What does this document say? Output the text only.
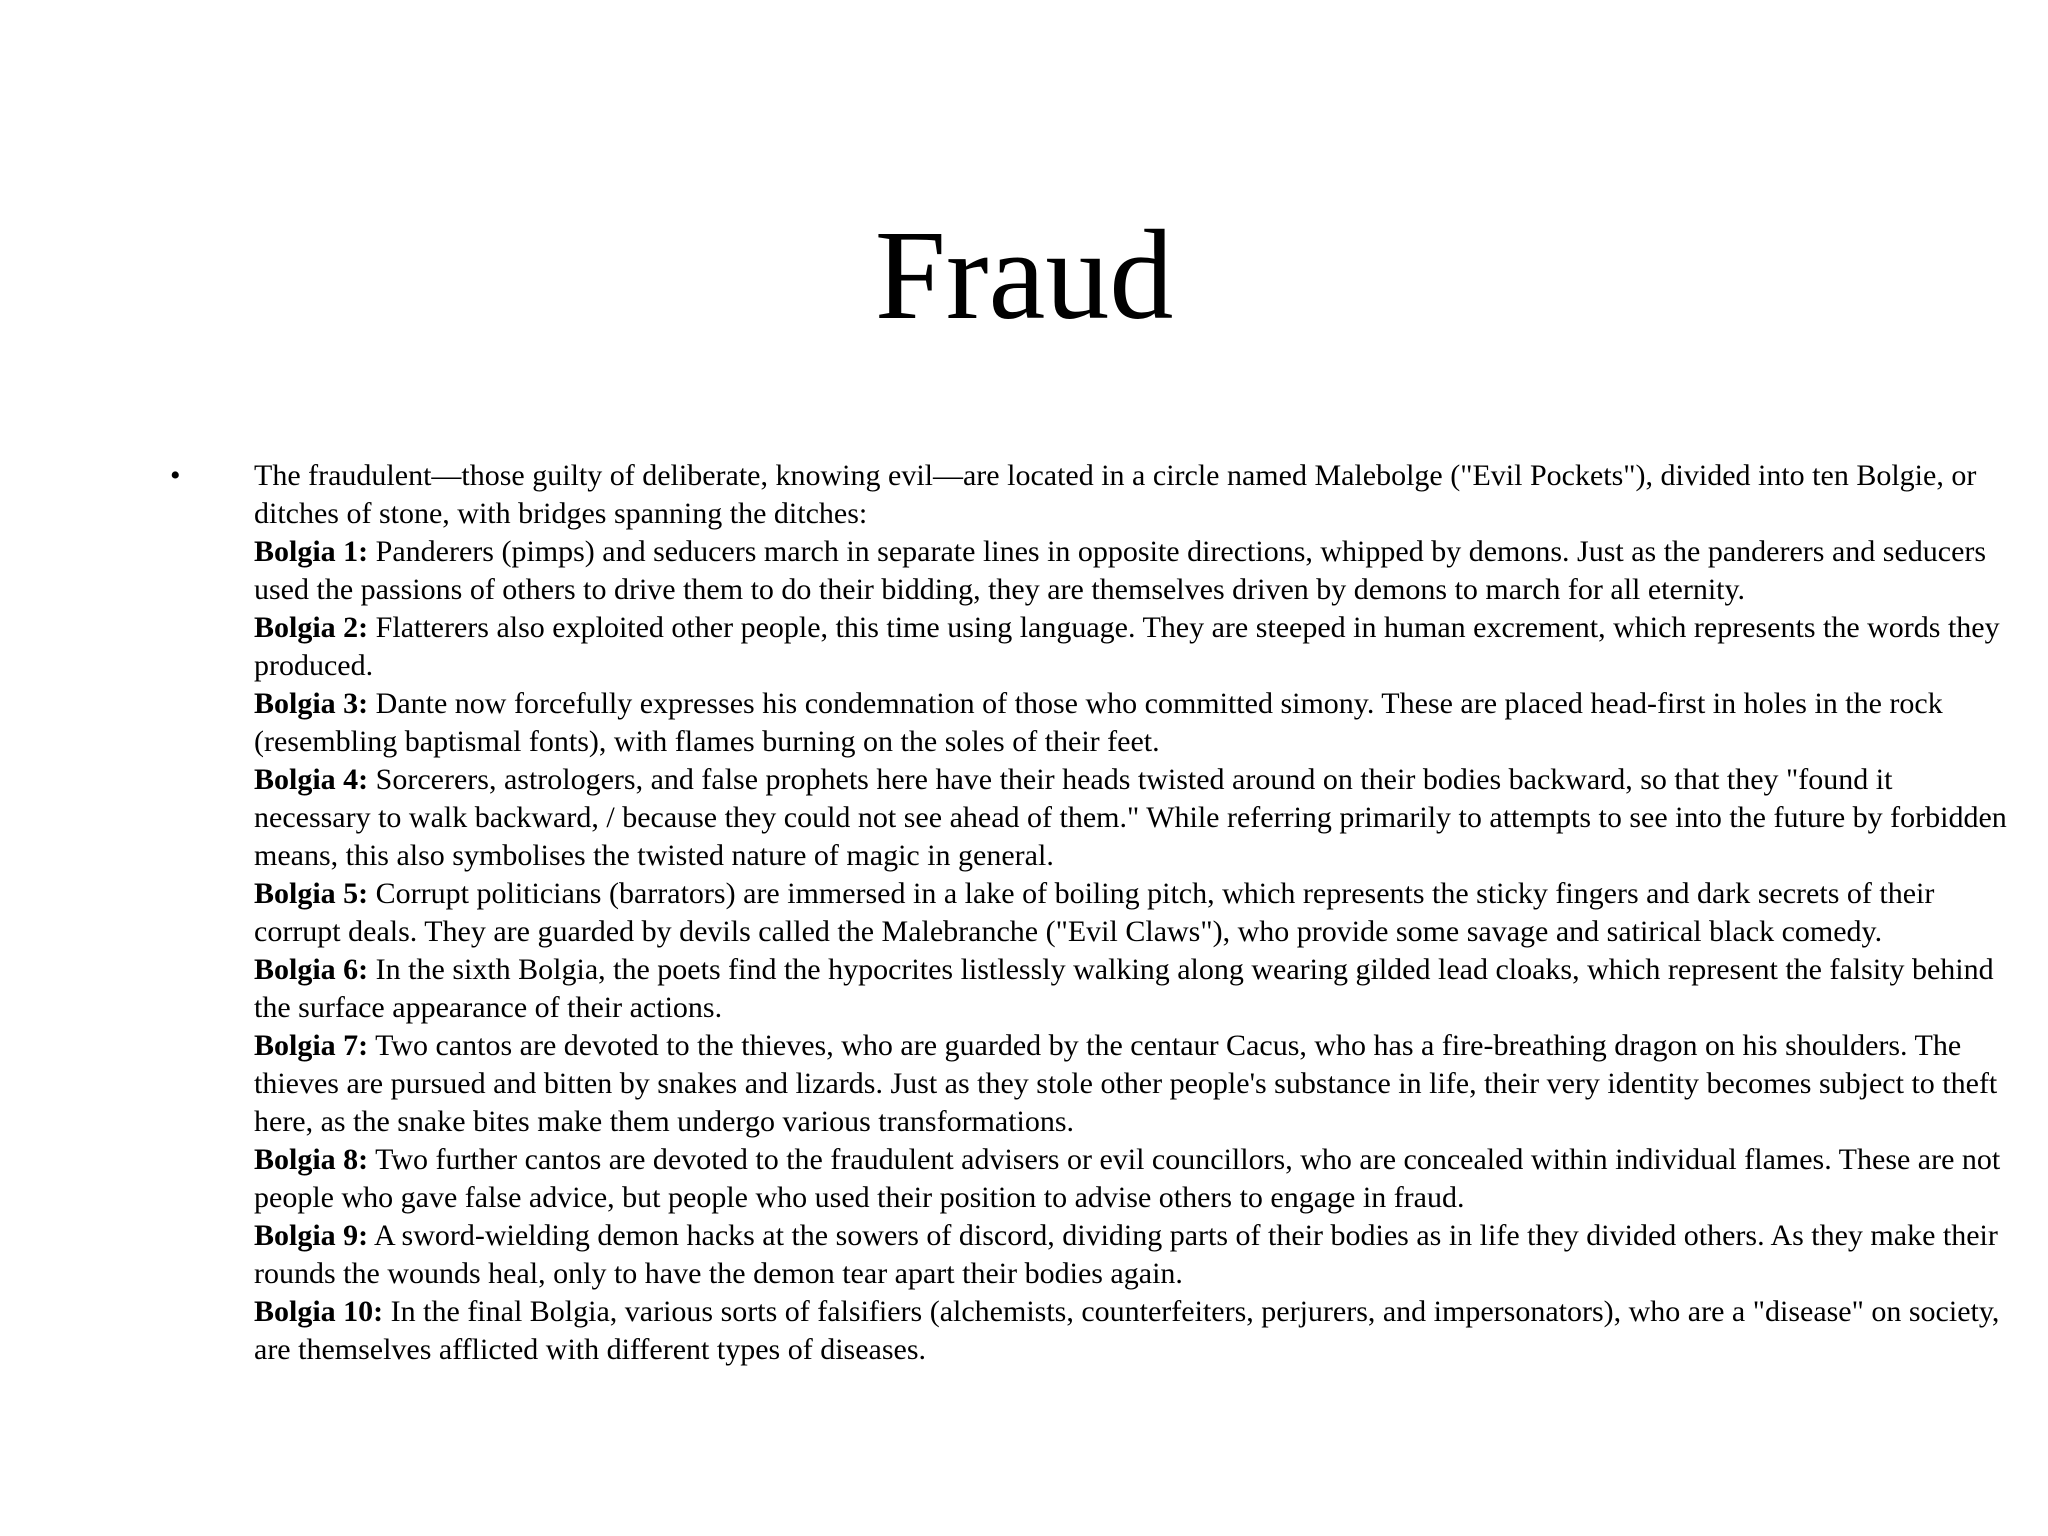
Fraud
• The fraudulent—those guilty of deliberate, knowing evil—are located in a circle named Malebolge ("Evil Pockets"), divided into ten Bolgie, or ditches of stone, with bridges spanning the ditches:

Bolgia 1: Panderers (pimps) and seducers march in separate lines in opposite directions, whipped by demons. Just as the panderers and seducers used the passions of others to drive them to do their bidding, they are themselves driven by demons to march for all eternity.

Bolgia 2: Flatterers also exploited other people, this time using language. They are steeped in human excrement, which represents the words they produced.

Bolgia 3: Dante now forcefully expresses his condemnation of those who committed simony. These are placed head-first in holes in the rock (resembling baptismal fonts), with flames burning on the soles of their feet.

Bolgia 4: Sorcerers, astrologers, and false prophets here have their heads twisted around on their bodies backward, so that they "found it necessary to walk backward, / because they could not see ahead of them." While referring primarily to attempts to see into the future by forbidden means, this also symbolises the twisted nature of magic in general.

Bolgia 5: Corrupt politicians (barrators) are immersed in a lake of boiling pitch, which represents the sticky fingers and dark secrets of their corrupt deals. They are guarded by devils called the Malebranche ("Evil Claws"), who provide some savage and satirical black comedy.

Bolgia 6: In the sixth Bolgia, the poets find the hypocrites listlessly walking along wearing gilded lead cloaks, which represent the falsity behind the surface appearance of their actions.

Bolgia 7: Two cantos are devoted to the thieves, who are guarded by the centaur Cacus, who has a fire-breathing dragon on his shoulders. The thieves are pursued and bitten by snakes and lizards. Just as they stole other people's substance in life, their very identity becomes subject to theft here, as the snake bites make them undergo various transformations.

Bolgia 8: Two further cantos are devoted to the fraudulent advisers or evil councillors, who are concealed within individual flames. These are not people who gave false advice, but people who used their position to advise others to engage in fraud.

Bolgia 9: A sword-wielding demon hacks at the sowers of discord, dividing parts of their bodies as in life they divided others. As they make their rounds the wounds heal, only to have the demon tear apart their bodies again.

Bolgia 10: In the final Bolgia, various sorts of falsifiers (alchemists, counterfeiters, perjurers, and impersonators), who are a "disease" on society, are themselves afflicted with different types of diseases.
